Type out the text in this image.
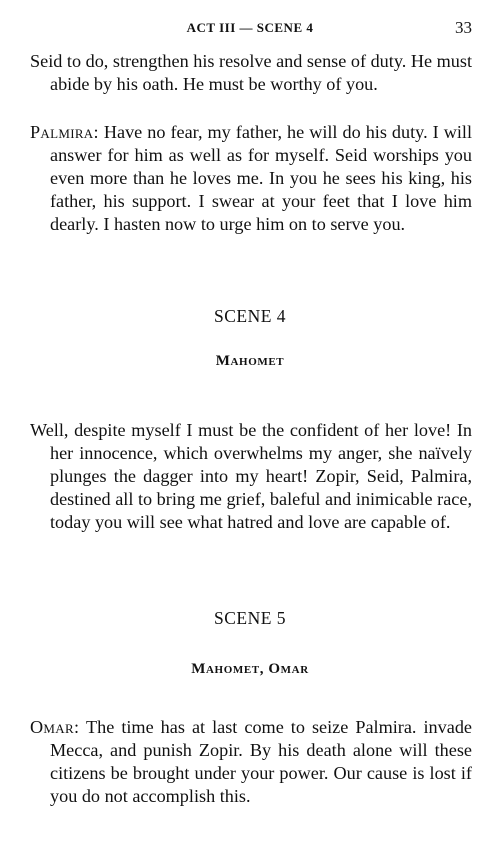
ACT III — SCENE 4	33

Seid to do, strengthen his resolve and sense of duty. He must abide by his oath. He must be worthy of you.

Palmira: Have no fear, my father, he will do his duty. I will answer for him as well as for myself. Seid worships you even more than he loves me. In you he sees his king, his father, his support. I swear at your feet that I love him dearly. I hasten now to urge him on to serve you.

SCENE 4
Mahomet

Well, despite myself I must be the confident of her love! In her innocence, which overwhelms my anger, she naïvely plunges the dagger into my heart! Zopir, Seid, Palmira, destined all to bring me grief, baleful and inimicable race, today you will see what hatred and love are capable of.

SCENE 5
Mahomet, Omar

Omar: The time has at last come to seize Palmira. invade Mecca, and punish Zopir. By his death alone will these citizens be brought under your power. Our cause is lost if you do not accomplish this.
